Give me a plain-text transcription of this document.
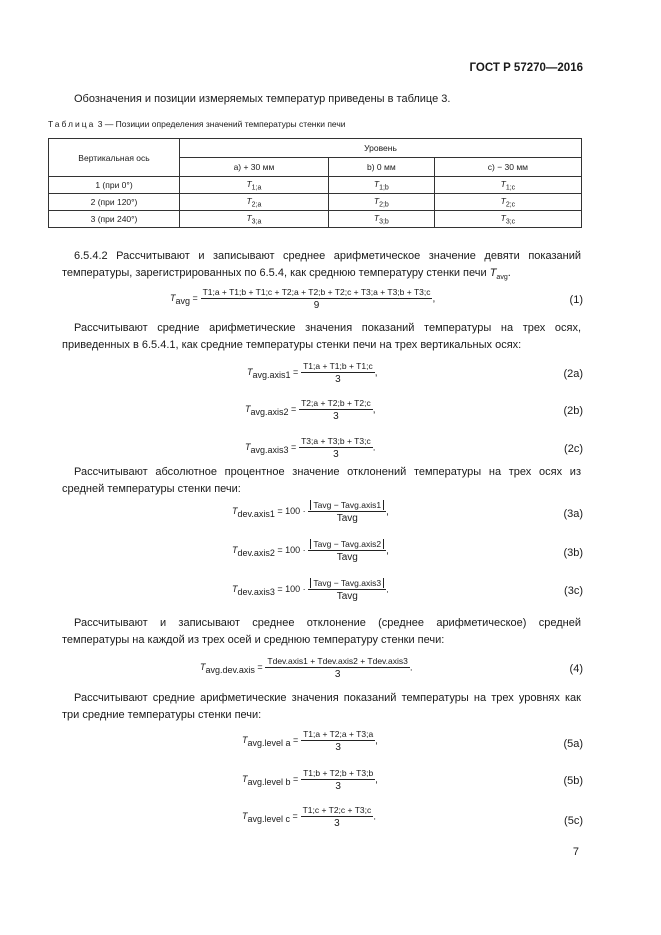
ГОСТ Р 57270—2016
Обозначения и позиции измеряемых температур приведены в таблице 3.
Таблица 3 — Позиции определения значений температуры стенки печи
Вертикальная ось	Уровень		
	a) + 30 мм	b) 0 мм	c) − 30 мм
1 (при 0°)	$T_{1;a}$	$T_{1;b}$	$T_{1;c}$
2 (при 120°)	$T_{2;a}$	$T_{2;b}$	$T_{2;c}$
3 (при 240°)	$T_{3;a}$	$T_{3;b}$	$T_{3;c}$
6.5.4.2 Рассчитывают и записывают среднее арифметическое значение девяти показаний температуры, зарегистрированных по 6.5.4, как среднюю температуру стенки печи $T_{avg}$.
$T_{avg} = \frac{T1;a + T1;b + T1;c + T2;a + T2;b + T2;c + T3;a + T3;b + T3;c}{9}$ ,	(1)
Рассчитывают средние арифметические значения показаний температуры на трех осях, приведенных в 6.5.4.1, как средние температуры стенки печи на трех вертикальных осях:
$T_{avg.axis1} = \frac{T1;a + T1;b + T1;c}{3}$ ,	(2a)
$T_{avg.axis2} = \frac{T2;a + T2;b + T2;c}{3}$ ,	(2b)
$T_{avg.axis3} = \frac{T3;a + T3;b + T3;c}{3}$ .	(2c)
Рассчитывают абсолютное процентное значение отклонений температуры на трех осях из средней температуры стенки печи:
$T_{dev.axis1} = 100 \cdot \frac{\text{Tavg − Tavg.axis1}}{\text{Tavg}}$ ,	(3a)
$T_{dev.axis2} = 100 \cdot \frac{\text{Tavg − Tavg.axis2}}{\text{Tavg}}$ ,	(3b)
$T_{dev.axis3} = 100 \cdot \frac{\text{Tavg − Tavg.axis3}}{\text{Tavg}}$ .	(3c)
Рассчитывают и записывают среднее отклонение (среднее арифметическое) средней температуры на каждой из трех осей и среднюю температуру стенки печи:
$T_{avg.dev.axis} = \frac{\text{Tdev.axis1 + Tdev.axis2 + Tdev.axis3}}{3}$ .	(4)
Рассчитывают средние арифметические значения показаний температуры на трех уровнях как три средние температуры стенки печи:
$T_{avg.level a} = \frac{T1;a + T2;a + T3;a}{3}$ ,	(5a)
$T_{avg.level b} = \frac{T1;b + T2;b + T3;b}{3}$ ,	(5b)
$T_{avg.level c} = \frac{T1;c + T2;c + T3;c}{3}$ .	(5c)
7
